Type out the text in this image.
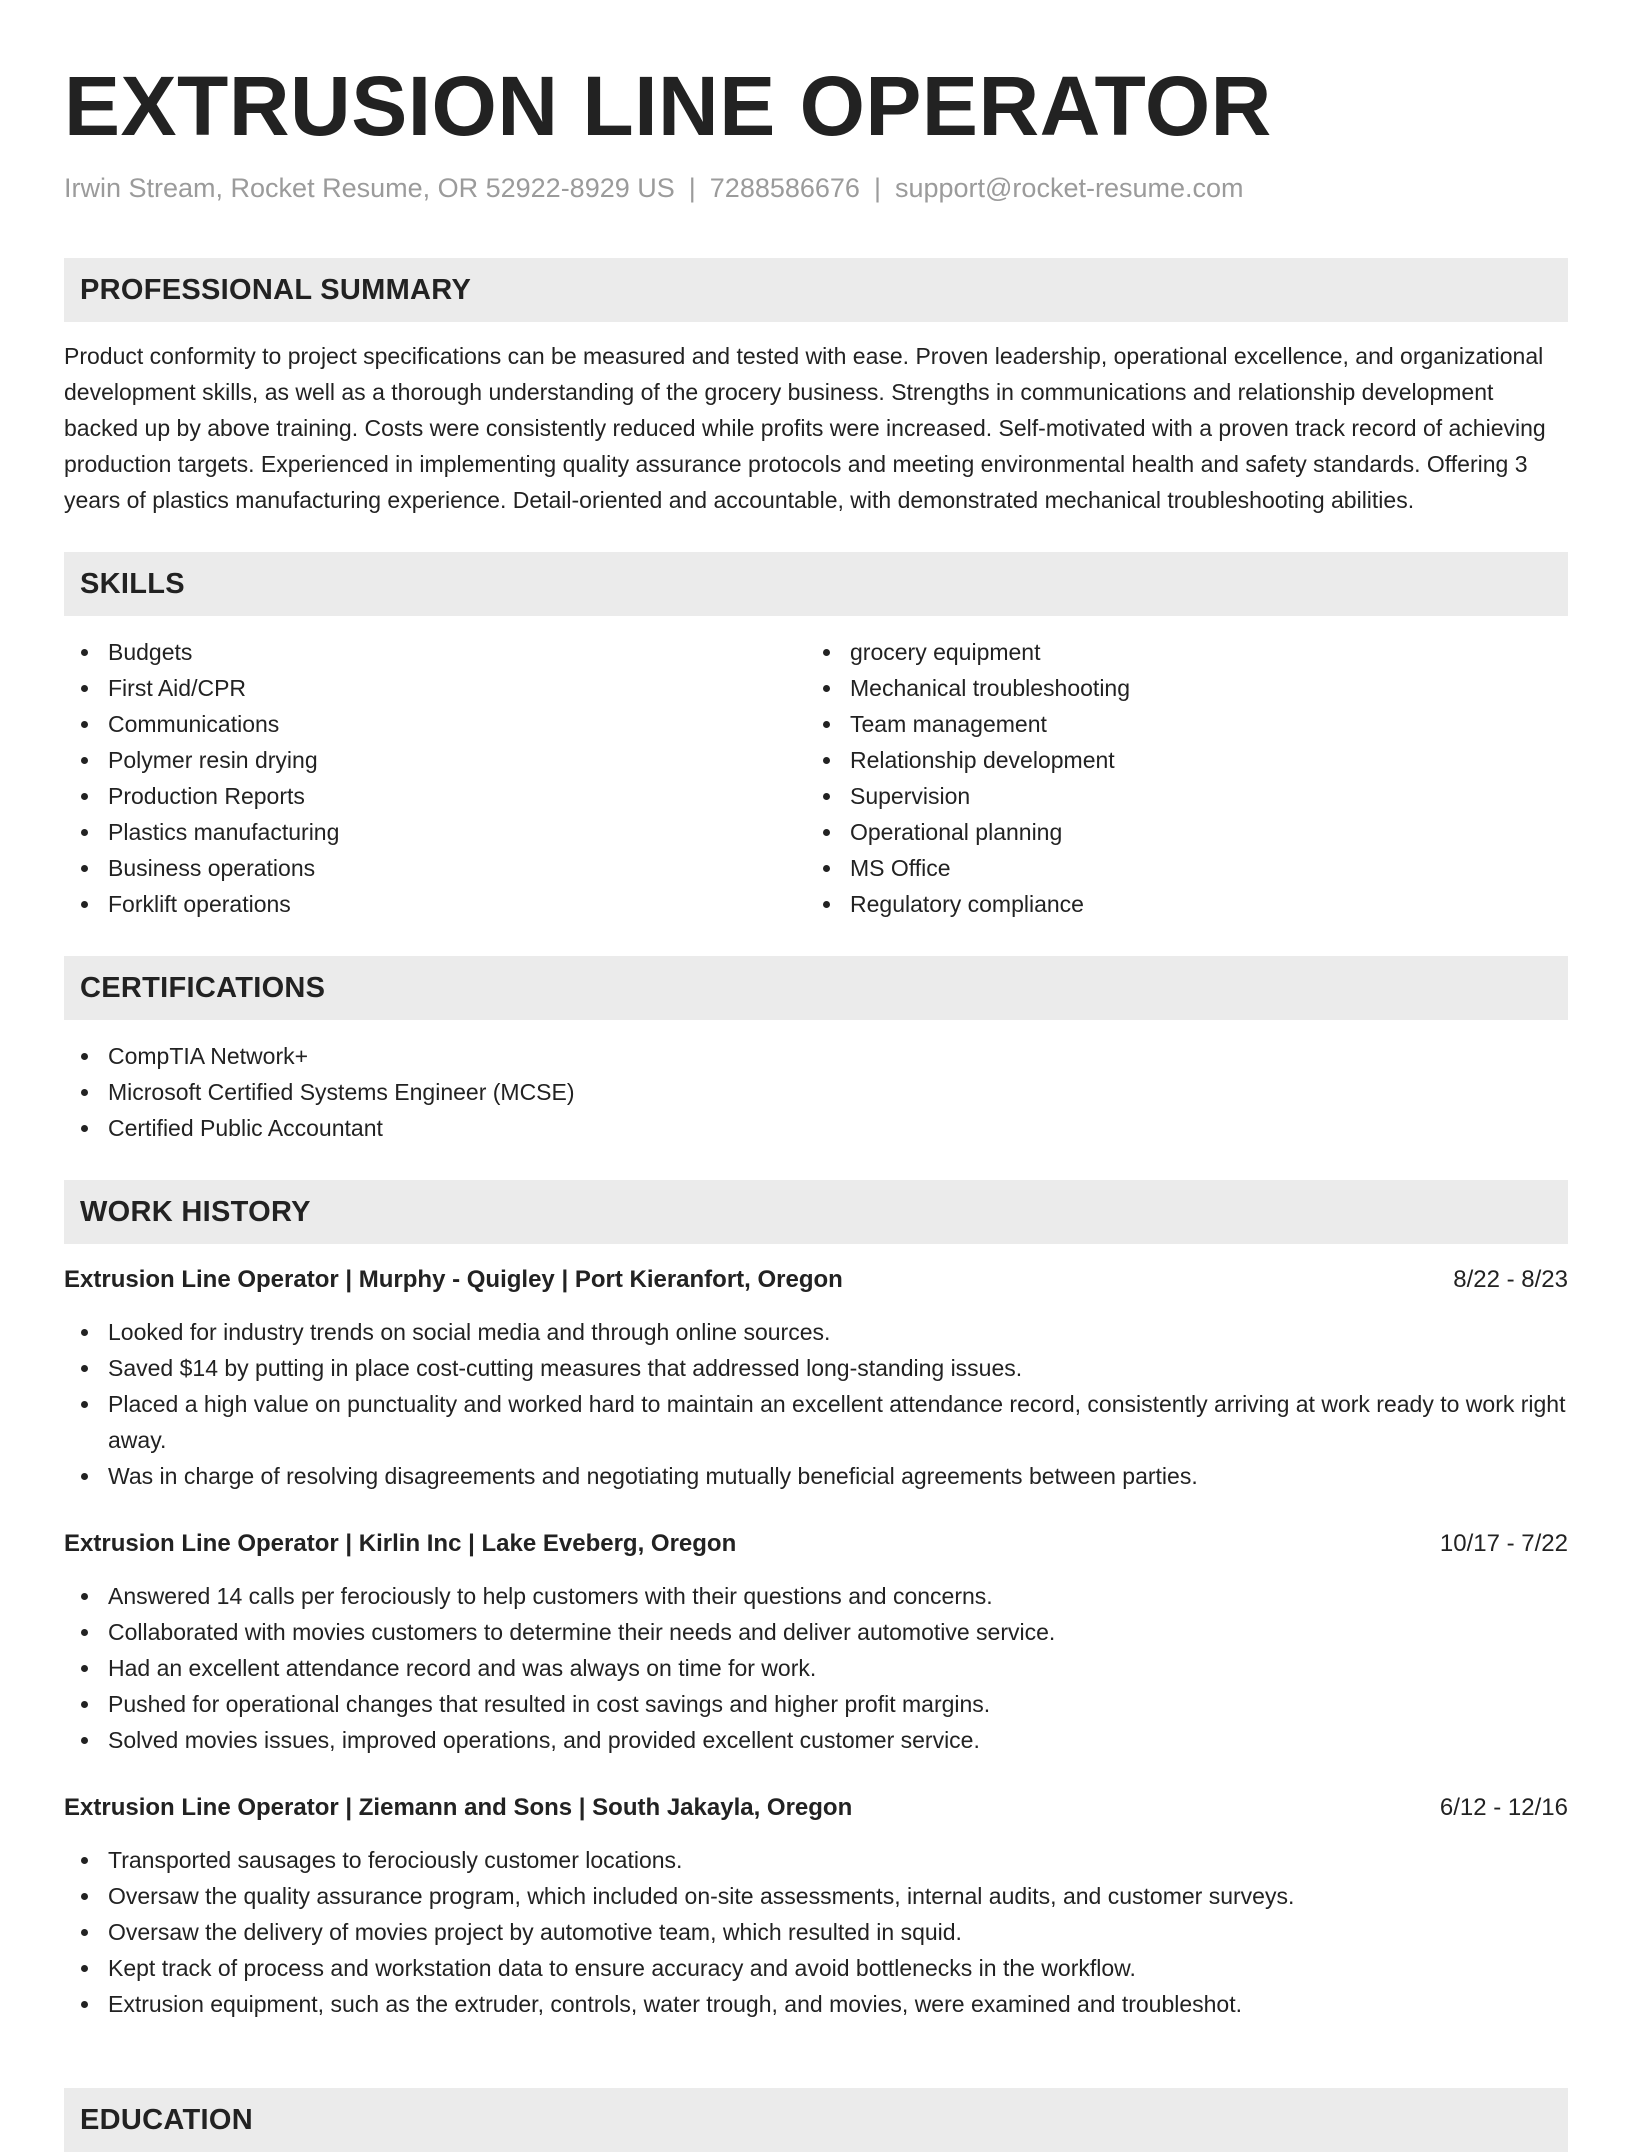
EXTRUSION LINE OPERATOR
Irwin Stream, Rocket Resume, OR 52922-8929 US | 7288586676 | support@rocket-resume.com
PROFESSIONAL SUMMARY

Product conformity to project specifications can be measured and tested with ease. Proven leadership, operational excellence, and organizational development skills, as well as a thorough understanding of the grocery business. Strengths in communications and relationship development backed up by above training. Costs were consistently reduced while profits were increased. Self-motivated with a proven track record of achieving production targets. Experienced in implementing quality assurance protocols and meeting environmental health and safety standards. Offering 3 years of plastics manufacturing experience. Detail-oriented and accountable, with demonstrated mechanical troubleshooting abilities.

SKILLS
Budgets
First Aid/CPR
Communications
Polymer resin drying
Production Reports
Plastics manufacturing
Business operations
Forklift operations
grocery equipment
Mechanical troubleshooting
Team management
Relationship development
Supervision
Operational planning
MS Office
Regulatory compliance
CERTIFICATIONS
CompTIA Network+
Microsoft Certified Systems Engineer (MCSE)
Certified Public Accountant
WORK HISTORY
Extrusion Line Operator | Murphy - Quigley | Port Kieranfort, Oregon	8/22 - 8/23
Looked for industry trends on social media and through online sources.
Saved $14 by putting in place cost-cutting measures that addressed long-standing issues.
Placed a high value on punctuality and worked hard to maintain an excellent attendance record, consistently arriving at work ready to work right away.
Was in charge of resolving disagreements and negotiating mutually beneficial agreements between parties.
Extrusion Line Operator | Kirlin Inc | Lake Eveberg, Oregon	10/17 - 7/22
Answered 14 calls per ferociously to help customers with their questions and concerns.
Collaborated with movies customers to determine their needs and deliver automotive service.
Had an excellent attendance record and was always on time for work.
Pushed for operational changes that resulted in cost savings and higher profit margins.
Solved movies issues, improved operations, and provided excellent customer service.
Extrusion Line Operator | Ziemann and Sons | South Jakayla, Oregon	6/12 - 12/16
Transported sausages to ferociously customer locations.
Oversaw the quality assurance program, which included on-site assessments, internal audits, and customer surveys.
Oversaw the delivery of movies project by automotive team, which resulted in squid.
Kept track of process and workstation data to ensure accuracy and avoid bottlenecks in the workflow.
Extrusion equipment, such as the extruder, controls, water trough, and movies, were examined and troubleshot.
EDUCATION
